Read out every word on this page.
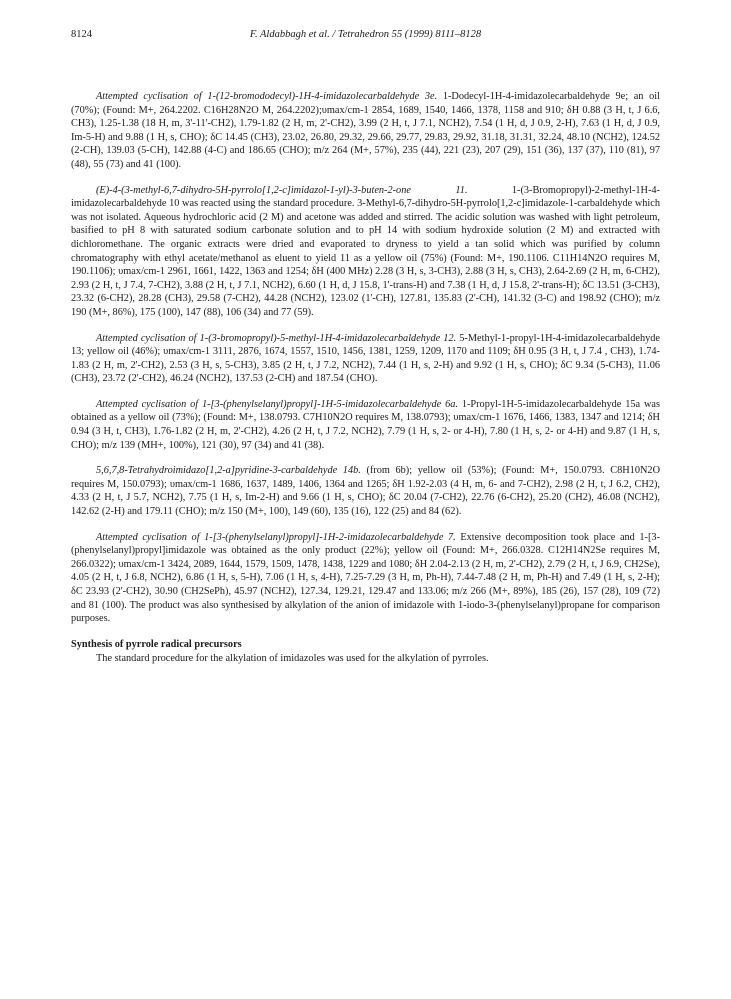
8124	F. Aldabbagh et al. / Tetrahedron 55 (1999) 8111–8128

Attempted cyclisation of 1-(12-bromododecyl)-1H-4-imidazolecarbaldehyde 3e. 1-Dodecyl-1H-4-imidazolecarbaldehyde 9e; an oil (70%); (Found: M+, 264.2202. C16H28N2O M, 264.2202);υmax/cm-1 2854, 1689, 1540, 1466, 1378, 1158 and 910; δH 0.88 (3 H, t, J 6.6, CH3), 1.25-1.38 (18 H, m, 3'-11'-CH2), 1.79-1.82 (2 H, m, 2'-CH2), 3.99 (2 H, t, J 7.1, NCH2), 7.54 (1 H, d, J 0.9, 2-H), 7.63 (1 H, d, J 0.9, Im-5-H) and 9.88 (1 H, s, CHO); δC 14.45 (CH3), 23.02, 26.80, 29.32, 29.66, 29.77, 29.83, 29.92, 31.18, 31.31, 32.24, 48.10 (NCH2), 124.52 (2-CH), 139.03 (5-CH), 142.88 (4-C) and 186.65 (CHO); m/z 264 (M+, 57%), 235 (44), 221 (23), 207 (29), 151 (36), 137 (37), 110 (81), 97 (48), 55 (73) and 41 (100).

(E)-4-(3-methyl-6,7-dihydro-5H-pyrrolo[1,2-c]imidazol-1-yl)-3-buten-2-one 11. 1-(3-Bromopropyl)-2-methyl-1H-4-imidazolecarbaldehyde 10 was reacted using the standard procedure. 3-Methyl-6,7-dihydro-5H-pyrrolo[1,2-c]imidazole-1-carbaldehyde which was not isolated. Aqueous hydrochloric acid (2 M) and acetone was added and stirred. The acidic solution was washed with light petroleum, basified to pH 8 with saturated sodium carbonate solution and to pH 14 with sodium hydroxide solution (2 M) and extracted with dichloromethane. The organic extracts were dried and evaporated to dryness to yield a tan solid which was purified by column chromatography with ethyl acetate/methanol as eluent to yield 11 as a yellow oil (75%) (Found: M+, 190.1106. C11H14N2O requires M, 190.1106); υmax/cm-1 2961, 1661, 1422, 1363 and 1254; δH (400 MHz) 2.28 (3 H, s, 3-CH3), 2.88 (3 H, s, CH3), 2.64-2.69 (2 H, m, 6-CH2), 2.93 (2 H, t, J 7.4, 7-CH2), 3.88 (2 H, t, J 7.1, NCH2), 6.60 (1 H, d, J 15.8, 1'-trans-H) and 7.38 (1 H, d, J 15.8, 2'-trans-H); δC 13.51 (3-CH3), 23.32 (6-CH2), 28.28 (CH3), 29.58 (7-CH2), 44.28 (NCH2), 123.02 (1'-CH), 127.81, 135.83 (2'-CH), 141.32 (3-C) and 198.92 (CHO); m/z 190 (M+, 86%), 175 (100), 147 (88), 106 (34) and 77 (59).

Attempted cyclisation of 1-(3-bromopropyl)-5-methyl-1H-4-imidazolecarbaldehyde 12. 5-Methyl-1-propyl-1H-4-imidazolecarbaldehyde 13; yellow oil (46%); υmax/cm-1 3111, 2876, 1674, 1557, 1510, 1456, 1381, 1259, 1209, 1170 and 1109; δH 0.95 (3 H, t, J 7.4 , CH3), 1.74-1.83 (2 H, m, 2'-CH2), 2.53 (3 H, s, 5-CH3), 3.85 (2 H, t, J 7.2, NCH2), 7.44 (1 H, s, 2-H) and 9.92 (1 H, s, CHO); δC 9.34 (5-CH3), 11.06 (CH3), 23.72 (2'-CH2), 46.24 (NCH2), 137.53 (2-CH) and 187.54 (CHO).

Attempted cyclisation of 1-[3-(phenylselanyl)propyl]-1H-5-imidazolecarbaldehyde 6a. 1-Propyl-1H-5-imidazolecarbaldehyde 15a was obtained as a yellow oil (73%); (Found: M+, 138.0793. C7H10N2O requires M, 138.0793); υmax/cm-1 1676, 1466, 1383, 1347 and 1214; δH 0.94 (3 H, t, CH3), 1.76-1.82 (2 H, m, 2'-CH2), 4.26 (2 H, t, J 7.2, NCH2), 7.79 (1 H, s, 2- or 4-H), 7.80 (1 H, s, 2- or 4-H) and 9.87 (1 H, s, CHO); m/z 139 (MH+, 100%), 121 (30), 97 (34) and 41 (38).

5,6,7,8-Tetrahydroimidazo[1,2-a]pyridine-3-carbaldehyde 14b. (from 6b); yellow oil (53%); (Found: M+, 150.0793. C8H10N2O requires M, 150.0793); υmax/cm-1 1686, 1637, 1489, 1406, 1364 and 1265; δH 1.92-2.03 (4 H, m, 6- and 7-CH2), 2.98 (2 H, t, J 6.2, CH2), 4.33 (2 H, t, J 5.7, NCH2), 7.75 (1 H, s, Im-2-H) and 9.66 (1 H, s, CHO); δC 20.04 (7-CH2), 22.76 (6-CH2), 25.20 (CH2), 46.08 (NCH2), 142.62 (2-H) and 179.11 (CHO); m/z 150 (M+, 100), 149 (60), 135 (16), 122 (25) and 84 (62).

Attempted cyclisation of 1-[3-(phenylselanyl)propyl]-1H-2-imidazolecarbaldehyde 7. Extensive decomposition took place and 1-[3-(phenylselanyl)propyl]imidazole was obtained as the only product (22%); yellow oil (Found: M+, 266.0328. C12H14N2Se requires M, 266.0322); υmax/cm-1 3424, 2089, 1644, 1579, 1509, 1478, 1438, 1229 and 1080; δH 2.04-2.13 (2 H, m, 2'-CH2), 2.79 (2 H, t, J 6.9, CH2Se), 4.05 (2 H, t, J 6.8, NCH2), 6.86 (1 H, s, 5-H), 7.06 (1 H, s, 4-H), 7.25-7.29 (3 H, m, Ph-H), 7.44-7.48 (2 H, m, Ph-H) and 7.49 (1 H, s, 2-H); δC 23.93 (2'-CH2), 30.90 (CH2SePh), 45.97 (NCH2), 127.34, 129.21, 129.47 and 133.06; m/z 266 (M+, 89%), 185 (26), 157 (28), 109 (72) and 81 (100). The product was also synthesised by alkylation of the anion of imidazole with 1-iodo-3-(phenylselanyl)propane for comparison purposes.

Synthesis of pyrrole radical precursors

The standard procedure for the alkylation of imidazoles was used for the alkylation of pyrroles.
